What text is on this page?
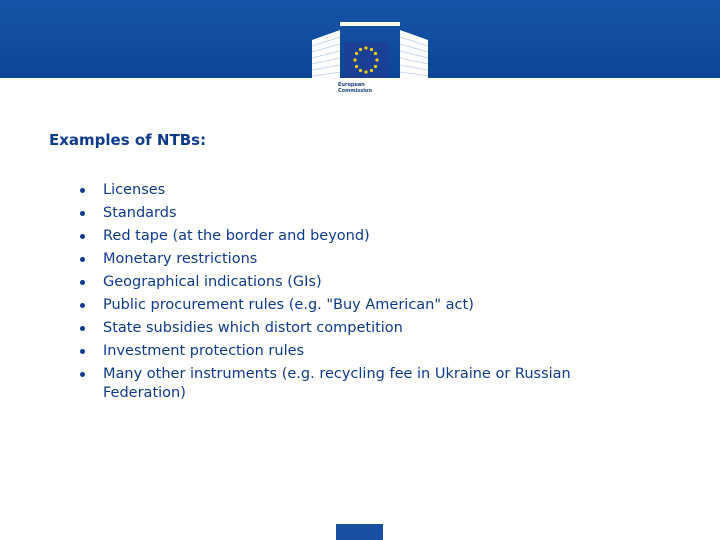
European
Commission
Examples of NTBs:
Licenses
Standards
Red tape (at the border and beyond)
Monetary restrictions
Geographical indications (GIs)
Public procurement rules (e.g. "Buy American" act)
State subsidies which distort competition
Investment protection rules
Many other instruments (e.g. recycling fee in Ukraine or Russian Federation)
